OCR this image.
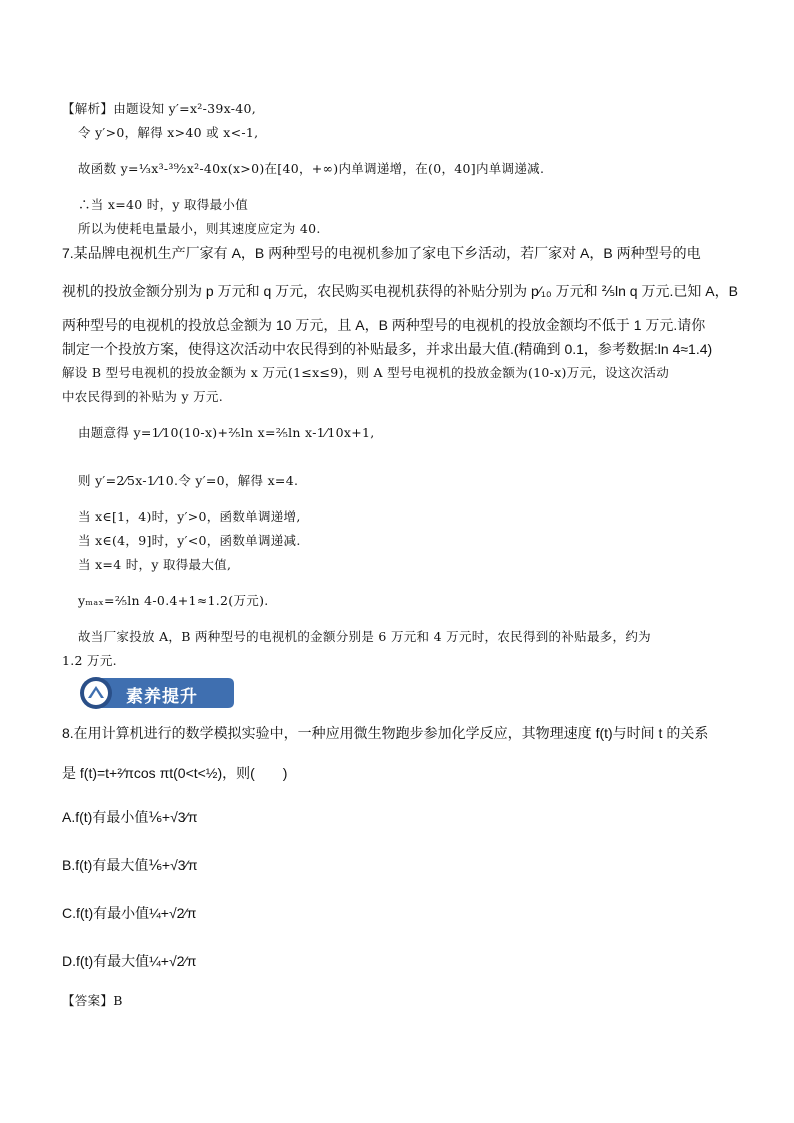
【解析】由题设知 y′=x²-39x-40,
令 y′>0，解得 x>40 或 x<-1,
故函数 y=⅓x³-³⁹⁄₂x²-40x(x>0)在[40，+∞)内单调递增，在(0，40]内单调递减.
∴当 x=40 时，y 取得最小值
所以为使耗电量最小，则其速度应定为 40.
7.某品牌电视机生产厂家有 A，B 两种型号的电视机参加了家电下乡活动，若厂家对 A，B 两种型号的电
视机的投放金额分别为 p 万元和 q 万元，农民购买电视机获得的补贴分别为 p⁄₁₀ 万元和 ⅖ln q 万元.已知 A，B
两种型号的电视机的投放总金额为 10 万元，且 A，B 两种型号的电视机的投放金额均不低于 1 万元.请你
制定一个投放方案，使得这次活动中农民得到的补贴最多，并求出最大值.(精确到 0.1，参考数据:ln 4≈1.4)
解设 B 型号电视机的投放金额为 x 万元(1≤x≤9)，则 A 型号电视机的投放金额为(10-x)万元，设这次活动
中农民得到的补贴为 y 万元.
由题意得 y=1⁄10(10-x)+⅖ln x=⅖ln x-1⁄10x+1,
则 y′=2⁄5x-1⁄10.令 y′=0，解得 x=4.
当 x∈[1，4)时，y′>0，函数单调递增,
当 x∈(4，9]时，y′<0，函数单调递减.
当 x=4 时，y 取得最大值,
yₘₐₓ=⅖ln 4-0.4+1≈1.2(万元).
故当厂家投放 A，B 两种型号的电视机的金额分别是 6 万元和 4 万元时，农民得到的补贴最多，约为
1.2 万元.
素养提升
8.在用计算机进行的数学模拟实验中，一种应用微生物跑步参加化学反应，其物理速度 f(t)与时间 t 的关系
是 f(t)=t+²⁄πcos πt(0<t<½)，则(　　)
A.f(t)有最小值⅙+√3⁄π
B.f(t)有最大值⅙+√3⁄π
C.f(t)有最小值¼+√2⁄π
D.f(t)有最大值¼+√2⁄π
【答案】B
